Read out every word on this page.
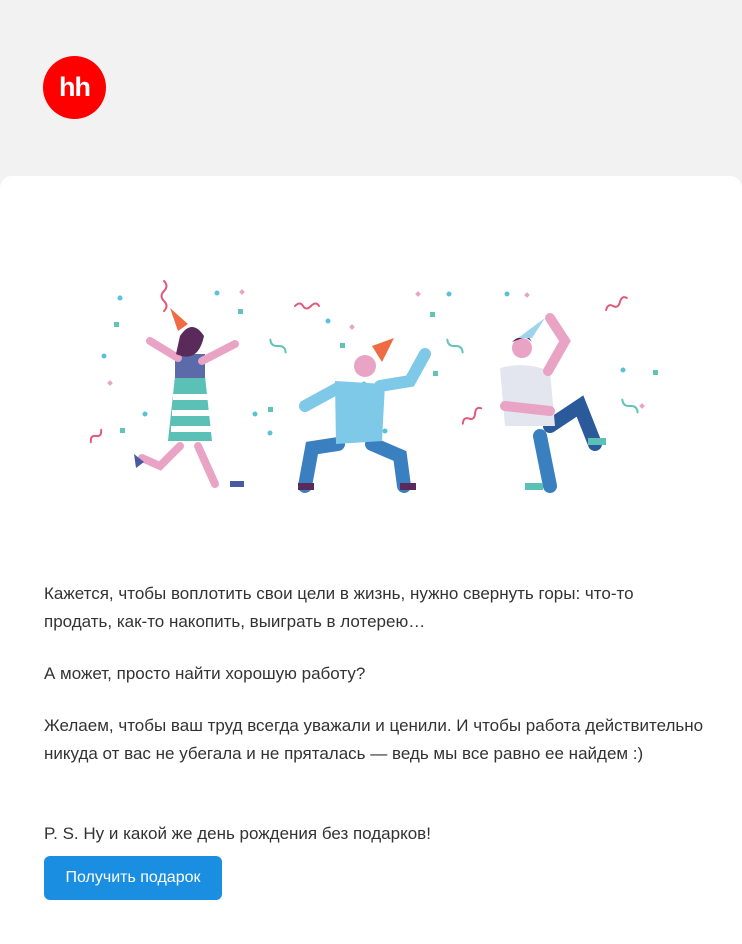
hh

Кажется, чтобы воплотить свои цели в жизнь, нужно свернуть горы: что-то продать, как-то накопить, выиграть в лотерею…

А может, просто найти хорошую работу?

Желаем, чтобы ваш труд всегда уважали и ценили. И чтобы работа действительно никуда от вас не убегала и не пряталась — ведь мы все равно ее найдем :)

P. S. Ну и какой же день рождения без подарков!

Получить подарок
